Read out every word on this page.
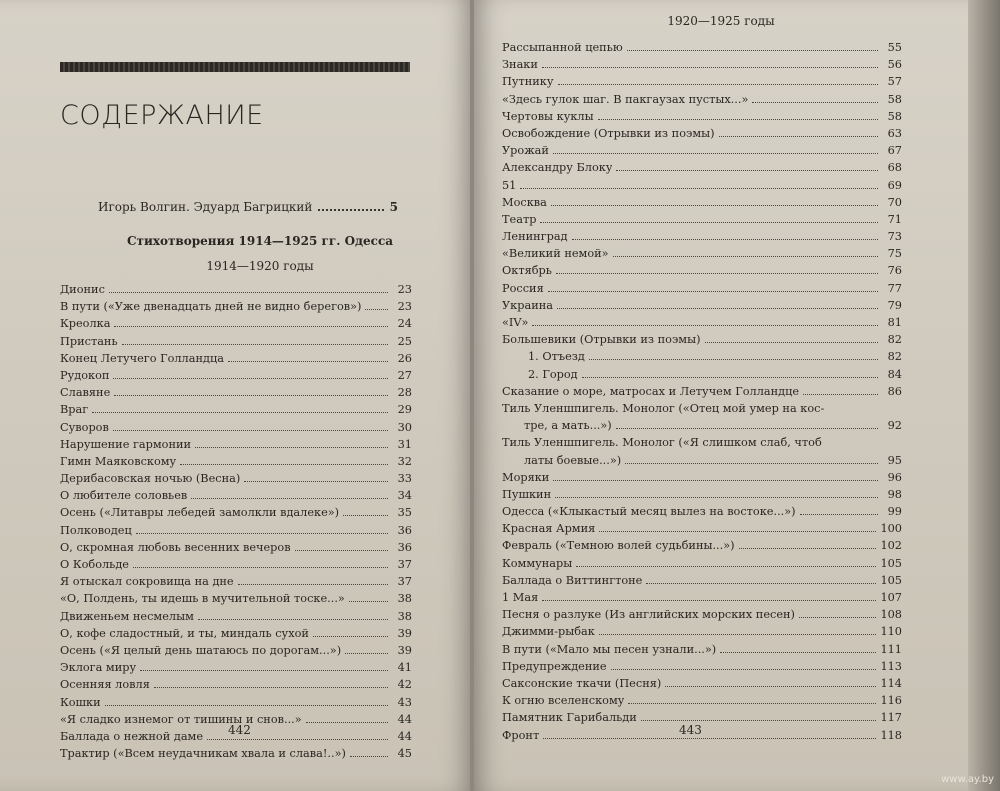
СОДЕРЖАНИЕ
Игорь Волгин. Эдуард Багрицкий	5
Стихотворения 1914—1925 гг. Одесса
1914—1920 годы
Дионис	23
В пути («Уже двенадцать дней не видно берегов»)	23
Креолка	24
Пристань	25
Конец Летучего Голландца	26
Рудокоп	27
Славяне	28
Враг	29
Суворов	30
Нарушение гармонии	31
Гимн Маяковскому	32
Дерибасовская ночью (Весна)	33
О любителе соловьев	34
Осень («Литавры лебедей замолкли вдалеке»)	35
Полководец	36
О, скромная любовь весенних вечеров	36
О Кобольде	37
Я отыскал сокровища на дне	37
«О, Полдень, ты идешь в мучительной тоске...»	38
Движеньем несмелым	38
О, кофе сладостный, и ты, миндаль сухой	39
Осень («Я целый день шатаюсь по дорогам...»)	39
Эклога миру	41
Осенняя ловля	42
Кошки	43
«Я сладко изнемог от тишины и снов...»	44
Баллада о нежной даме	44
Трактир («Всем неудачникам хвала и слава!..»)	45
442
1920—1925 годы
Рассыпанной цепью	55
Знаки	56
Путнику	57
«Здесь гулок шаг. В пакгаузах пустых...»	58
Чертовы куклы	58
Освобождение (Отрывки из поэмы)	63
Урожай	67
Александру Блоку	68
51	69
Москва	70
Театр	71
Ленинград	73
«Великий немой»	75
Октябрь	76
Россия	77
Украина	79
«IV»	81
Большевики (Отрывки из поэмы)	82
1. Отъезд	82
2. Город	84
Сказание о море, матросах и Летучем Голландце	86
Тиль Уленшпигель. Монолог («Отец мой умер на кос-
тре, а мать...»)	92
Тиль Уленшпигель. Монолог («Я слишком слаб, чтоб
латы боевые...»)	95
Моряки	96
Пушкин	98
Одесса («Клыкастый месяц вылез на востоке...»)	99
Красная Армия	100
Февраль («Темною волей судьбины...»)	102
Коммунары	105
Баллада о Виттингтоне	105
1 Мая	107
Песня о разлуке (Из английских морских песен)	108
Джимми-рыбак	110
В пути («Мало мы песен узнали...»)	111
Предупреждение	113
Саксонские ткачи (Песня)	114
К огню вселенскому	116
Памятник Гарибальди	117
Фронт	118
443
www.ay.by
